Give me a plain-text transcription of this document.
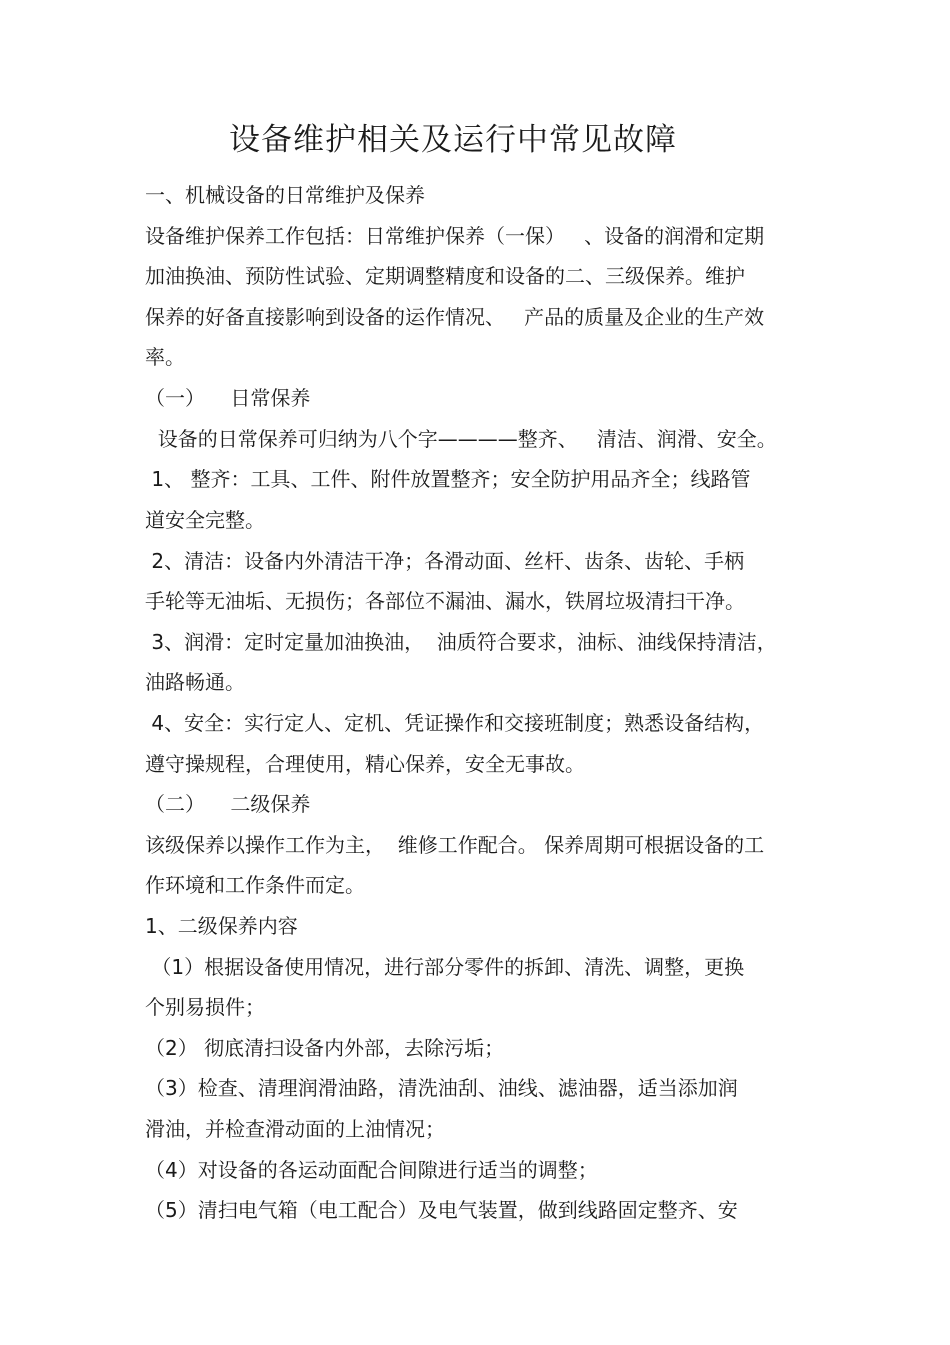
设备维护相关及运行中常见故障

一、机械设备的日常维护及保养

设备维护保养工作包括：日常维护保养（一保）   、设备的润滑和定期

加油换油、预防性试验、定期调整精度和设备的二、三级保养。维护

保养的好备直接影响到设备的运作情况、   产品的质量及企业的生产效

率。

（一）    日常保养

设备的日常保养可归纳为八个字————整齐、   清洁、润滑、安全。

1、 整齐：工具、工件、附件放置整齐；安全防护用品齐全；线路管

道安全完整。

2、清洁：设备内外清洁干净；各滑动面、丝杆、齿条、齿轮、手柄

手轮等无油垢、无损伤；各部位不漏油、漏水，铁屑垃圾清扫干净。

3、润滑：定时定量加油换油，  油质符合要求，油标、油线保持清洁，

油路畅通。

4、安全：实行定人、定机、凭证操作和交接班制度；熟悉设备结构，

遵守操规程，合理使用，精心保养，安全无事故。

（二）    二级保养

该级保养以操作工作为主，  维修工作配合。 保养周期可根据设备的工

作环境和工作条件而定。

1、二级保养内容

（1）根据设备使用情况，进行部分零件的拆卸、清洗、调整，更换

个别易损件；

（2） 彻底清扫设备内外部，去除污垢；

（3）检查、清理润滑油路，清洗油刮、油线、滤油器，适当添加润

滑油，并检查滑动面的上油情况；

（4）对设备的各运动面配合间隙进行适当的调整；

（5）清扫电气箱（电工配合）及电气装置，做到线路固定整齐、安
